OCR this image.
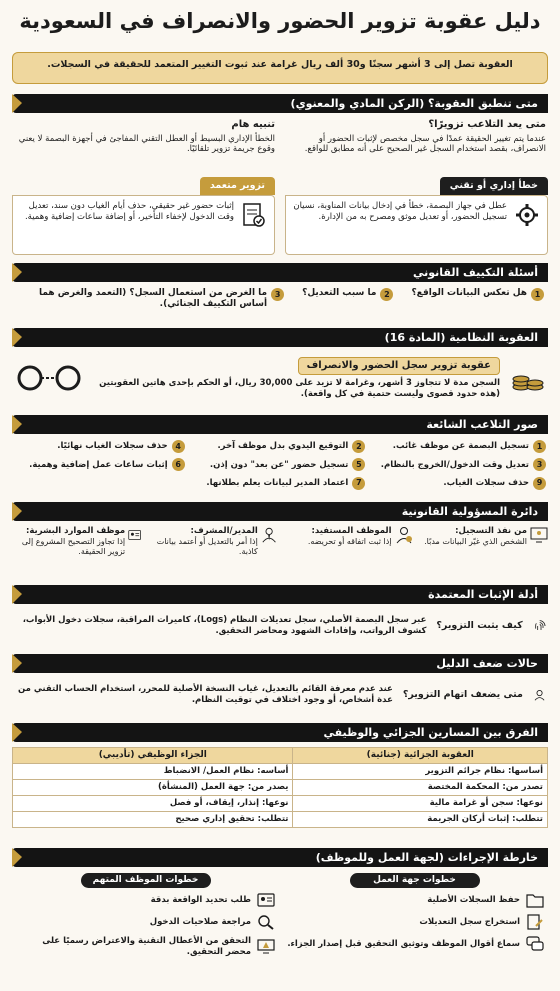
دليل عقوبة تزوير الحضور والانصراف في السعودية
العقوبة تصل إلى 3 أشهر سجنًا و30 ألف ريال غرامة عند ثبوت التغيير المتعمد للحقيقة في السجلات.
متى تنطبق العقوبة؟ (الركن المادي والمعنوي)
متى يعد التلاعب تزويرًا؟

عندما يتم تغيير الحقيقة عمدًا في سجل مخصص لإثبات الحضور أو الانصراف، بقصد استخدام السجل غير الصحيح على أنه مطابق للواقع.

تنبيه هام

الخطأ الإداري البسيط أو العطل التقني المفاجئ في أجهزة البصمة لا يعني وقوع جريمة تزوير تلقائيًا.

خطأ إداري أو تقني

عطل في جهاز البصمة، خطأ في إدخال بيانات المناوبة، نسيان تسجيل الحضور، أو تعديل موثق ومصرح به من الإدارة.

تزوير متعمد

إثبات حضور غير حقيقي، حذف أيام الغياب دون سند، تعديل وقت الدخول لإخفاء التأخير، أو إضافة ساعات إضافية وهمية.

أسئلة التكييف القانوني
1
هل تعكس البيانات الواقع؟
2
ما سبب التعديل؟
3
ما الغرض من استعمال السجل؟ (التعمد والغرض هما أساس التكييف الجنائي).
العقوبة النظامية (المادة 16)
عقوبة تزوير سجل الحضور والانصراف

السجن مدة لا تتجاوز 3 أشهر، وغرامة لا تزيد على 30,000 ريال، أو الحكم بإحدى هاتين العقوبتين (هذه حدود قصوى وليست حتمية في كل واقعة).

صور التلاعب الشائعة
1
تسجيل البصمة عن موظف غائب.
2
التوقيع اليدوي بدل موظف آخر.
4
حذف سجلات الغياب نهائيًا.
3
تعديل وقت الدخول/الخروج بالنظام.
5
تسجيل حضور "عن بعد" دون إذن.
6
إثبات ساعات عمل إضافية وهمية.
9
حذف سجلات الغياب.
7
اعتماد المدير لبيانات يعلم بطلانها.
دائرة المسؤولية القانونية
من نفذ التسجيل:
الشخص الذي غيّر البيانات مدبًا.
الموظف المستفيد:
إذا ثبت اتفاقه أو تحريضه.
المدير/المشرف:
إذا أمر بالتعديل أو أعتمد بيانات كاذبة.
موظف الموارد البشرية:
إذا تجاوز التصحيح المشروع إلى تزوير الحقيقة.
أدلة الإثبات المعتمدة
كيف يثبت التزوير؟

عبر سجل البصمة الأصلي، سجل تعديلات النظام (Logs)، كاميرات المراقبة، سجلات دخول الأبواب، كشوف الرواتب، وإفادات الشهود ومحاضر التحقيق.

حالات ضعف الدليل
متى يضعف اتهام التزوير؟

عند عدم معرفة القائم بالتعديل، غياب النسخة الأصلية للمحرر، استخدام الحساب التقني من عدة أشخاص، أو وجود اختلاف في توقيت النظام.

الفرق بين المسارين الجزائي والوظيفي
العقوبة الجزائية (جنائية)	الجزاء الوظيفي (تأديبي)
أساسها: نظام جرائم التزوير	أساسه: نظام العمل/ الانضباط
تصدر من: المحكمة المختصة	يصدر من: جهة العمل (المنشأة)
نوعها: سجن أو غرامة مالية	نوعها: إنذار، إيقاف، أو فصل
تتطلب: إثبات أركان الجريمة	تتطلب: تحقيق إداري صحيح
خارطة الإجراءات (لجهة العمل وللموظف)
خطوات جهة العمل
حفظ السجلات الأصلية
استخراج سجل التعديلات
سماع أقوال الموظف وتوثيق التحقيق قبل إصدار الجزاء.
خطوات الموظف المتهم
طلب تحديد الواقعة بدقة
مراجعة صلاحيات الدخول
التحقق من الأعطال التقنية والاعتراض رسميًا على محضر التحقيق.
